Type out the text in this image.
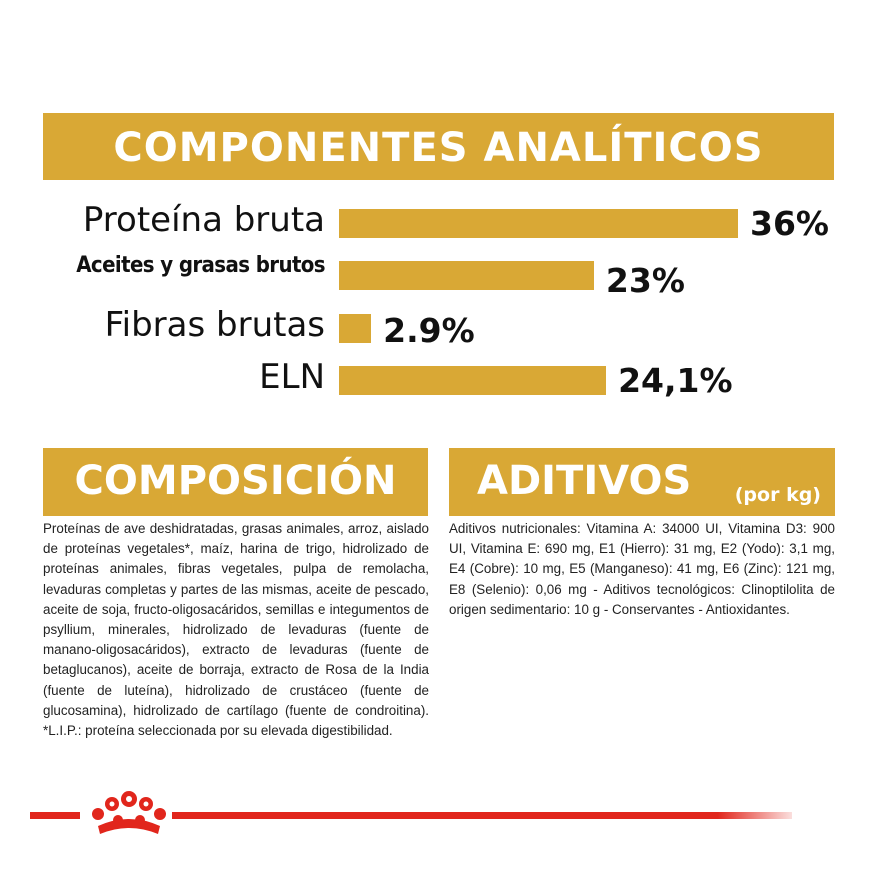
COMPONENTES ANALÍTICOS
Proteína bruta	36%
Aceites y grasas brutos	23%
Fibras brutas 2.9%
ELN	24,1%
COMPOSICIÓN	ADITIVOS (por kg)
Proteínas de ave deshidratadas, grasas animales, arroz, aislado de proteínas vegetales*, maíz, harina de trigo, hidrolizado de proteínas animales, fibras vegetales, pulpa de remolacha, levaduras completas y partes de las mismas, aceite de pescado, aceite de soja, fructo-oligosacáridos, semillas e integumentos de psyllium, minerales, hidrolizado de levaduras (fuente de manano-oligosacáridos), extracto de levaduras (fuente de betaglucanos), aceite de borraja, extracto de Rosa de la India (fuente de luteína), hidrolizado de crustáceo (fuente de glucosamina), hidrolizado de cartílago (fuente de condroitina). *L.I.P.: proteína seleccionada por su elevada digestibilidad.
Aditivos nutricionales: Vitamina A: 34000 UI, Vitamina D3: 900 UI, Vitamina E: 690 mg, E1 (Hierro): 31 mg, E2 (Yodo): 3,1 mg, E4 (Cobre): 10 mg, E5 (Manganeso): 41 mg, E6 (Zinc): 121 mg, E8 (Selenio): 0,06 mg - Aditivos tecnológicos: Clinoptilolita de origen sedimentario: 10 g - Conservantes - Antioxidantes.
